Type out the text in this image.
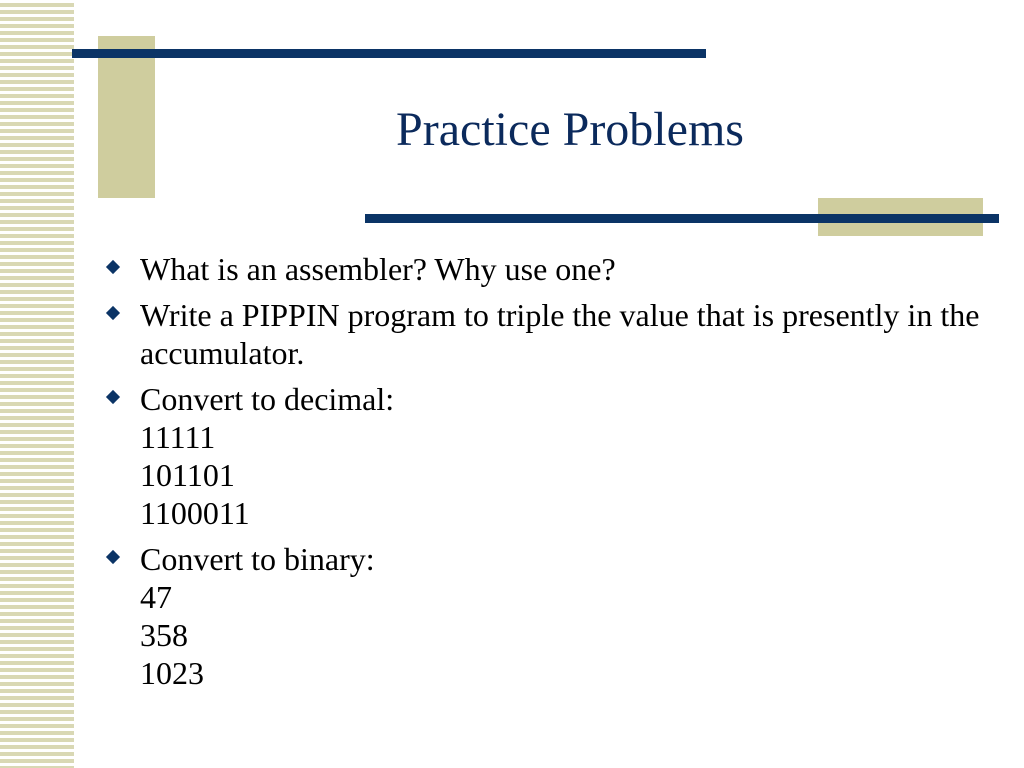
Practice Problems
What is an assembler? Why use one?
Write a PIPPIN program to triple the value that is presently in the accumulator.
Convert to decimal:
11111
101101
1100011
Convert to binary:
47
358
1023
